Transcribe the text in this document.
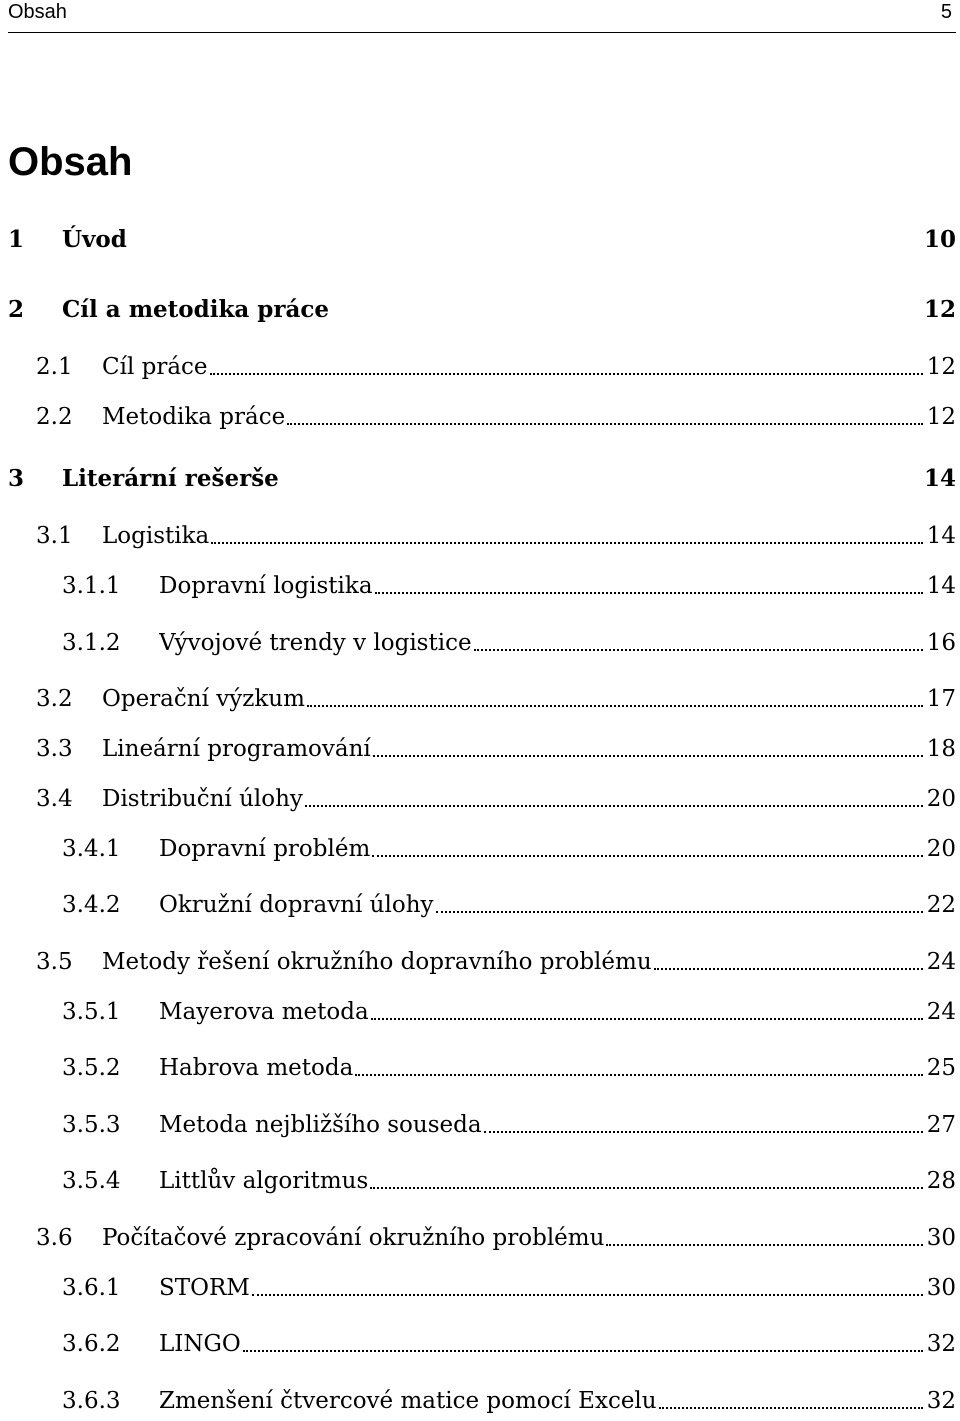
Obsah	5
Obsah
1 Úvod	10
2 Cíl a metodika práce	12
2.1 Cíl práce	12
2.2 Metodika práce	12
3 Literární rešerše	14
3.1 Logistika	14
3.1.1 Dopravní logistika	14
3.1.2 Vývojové trendy v logistice	16
3.2 Operační výzkum	17
3.3 Lineární programování	18
3.4 Distribuční úlohy	20
3.4.1 Dopravní problém	20
3.4.2 Okružní dopravní úlohy	22
3.5 Metody řešení okružního dopravního problému	24
3.5.1 Mayerova metoda	24
3.5.2 Habrova metoda	25
3.5.3 Metoda nejbližšího souseda	27
3.5.4 Littlův algoritmus	28
3.6 Počítačové zpracování okružního problému	30
3.6.1 STORM	30
3.6.2 LINGO	32
3.6.3 Zmenšení čtvercové matice pomocí Excelu	32
